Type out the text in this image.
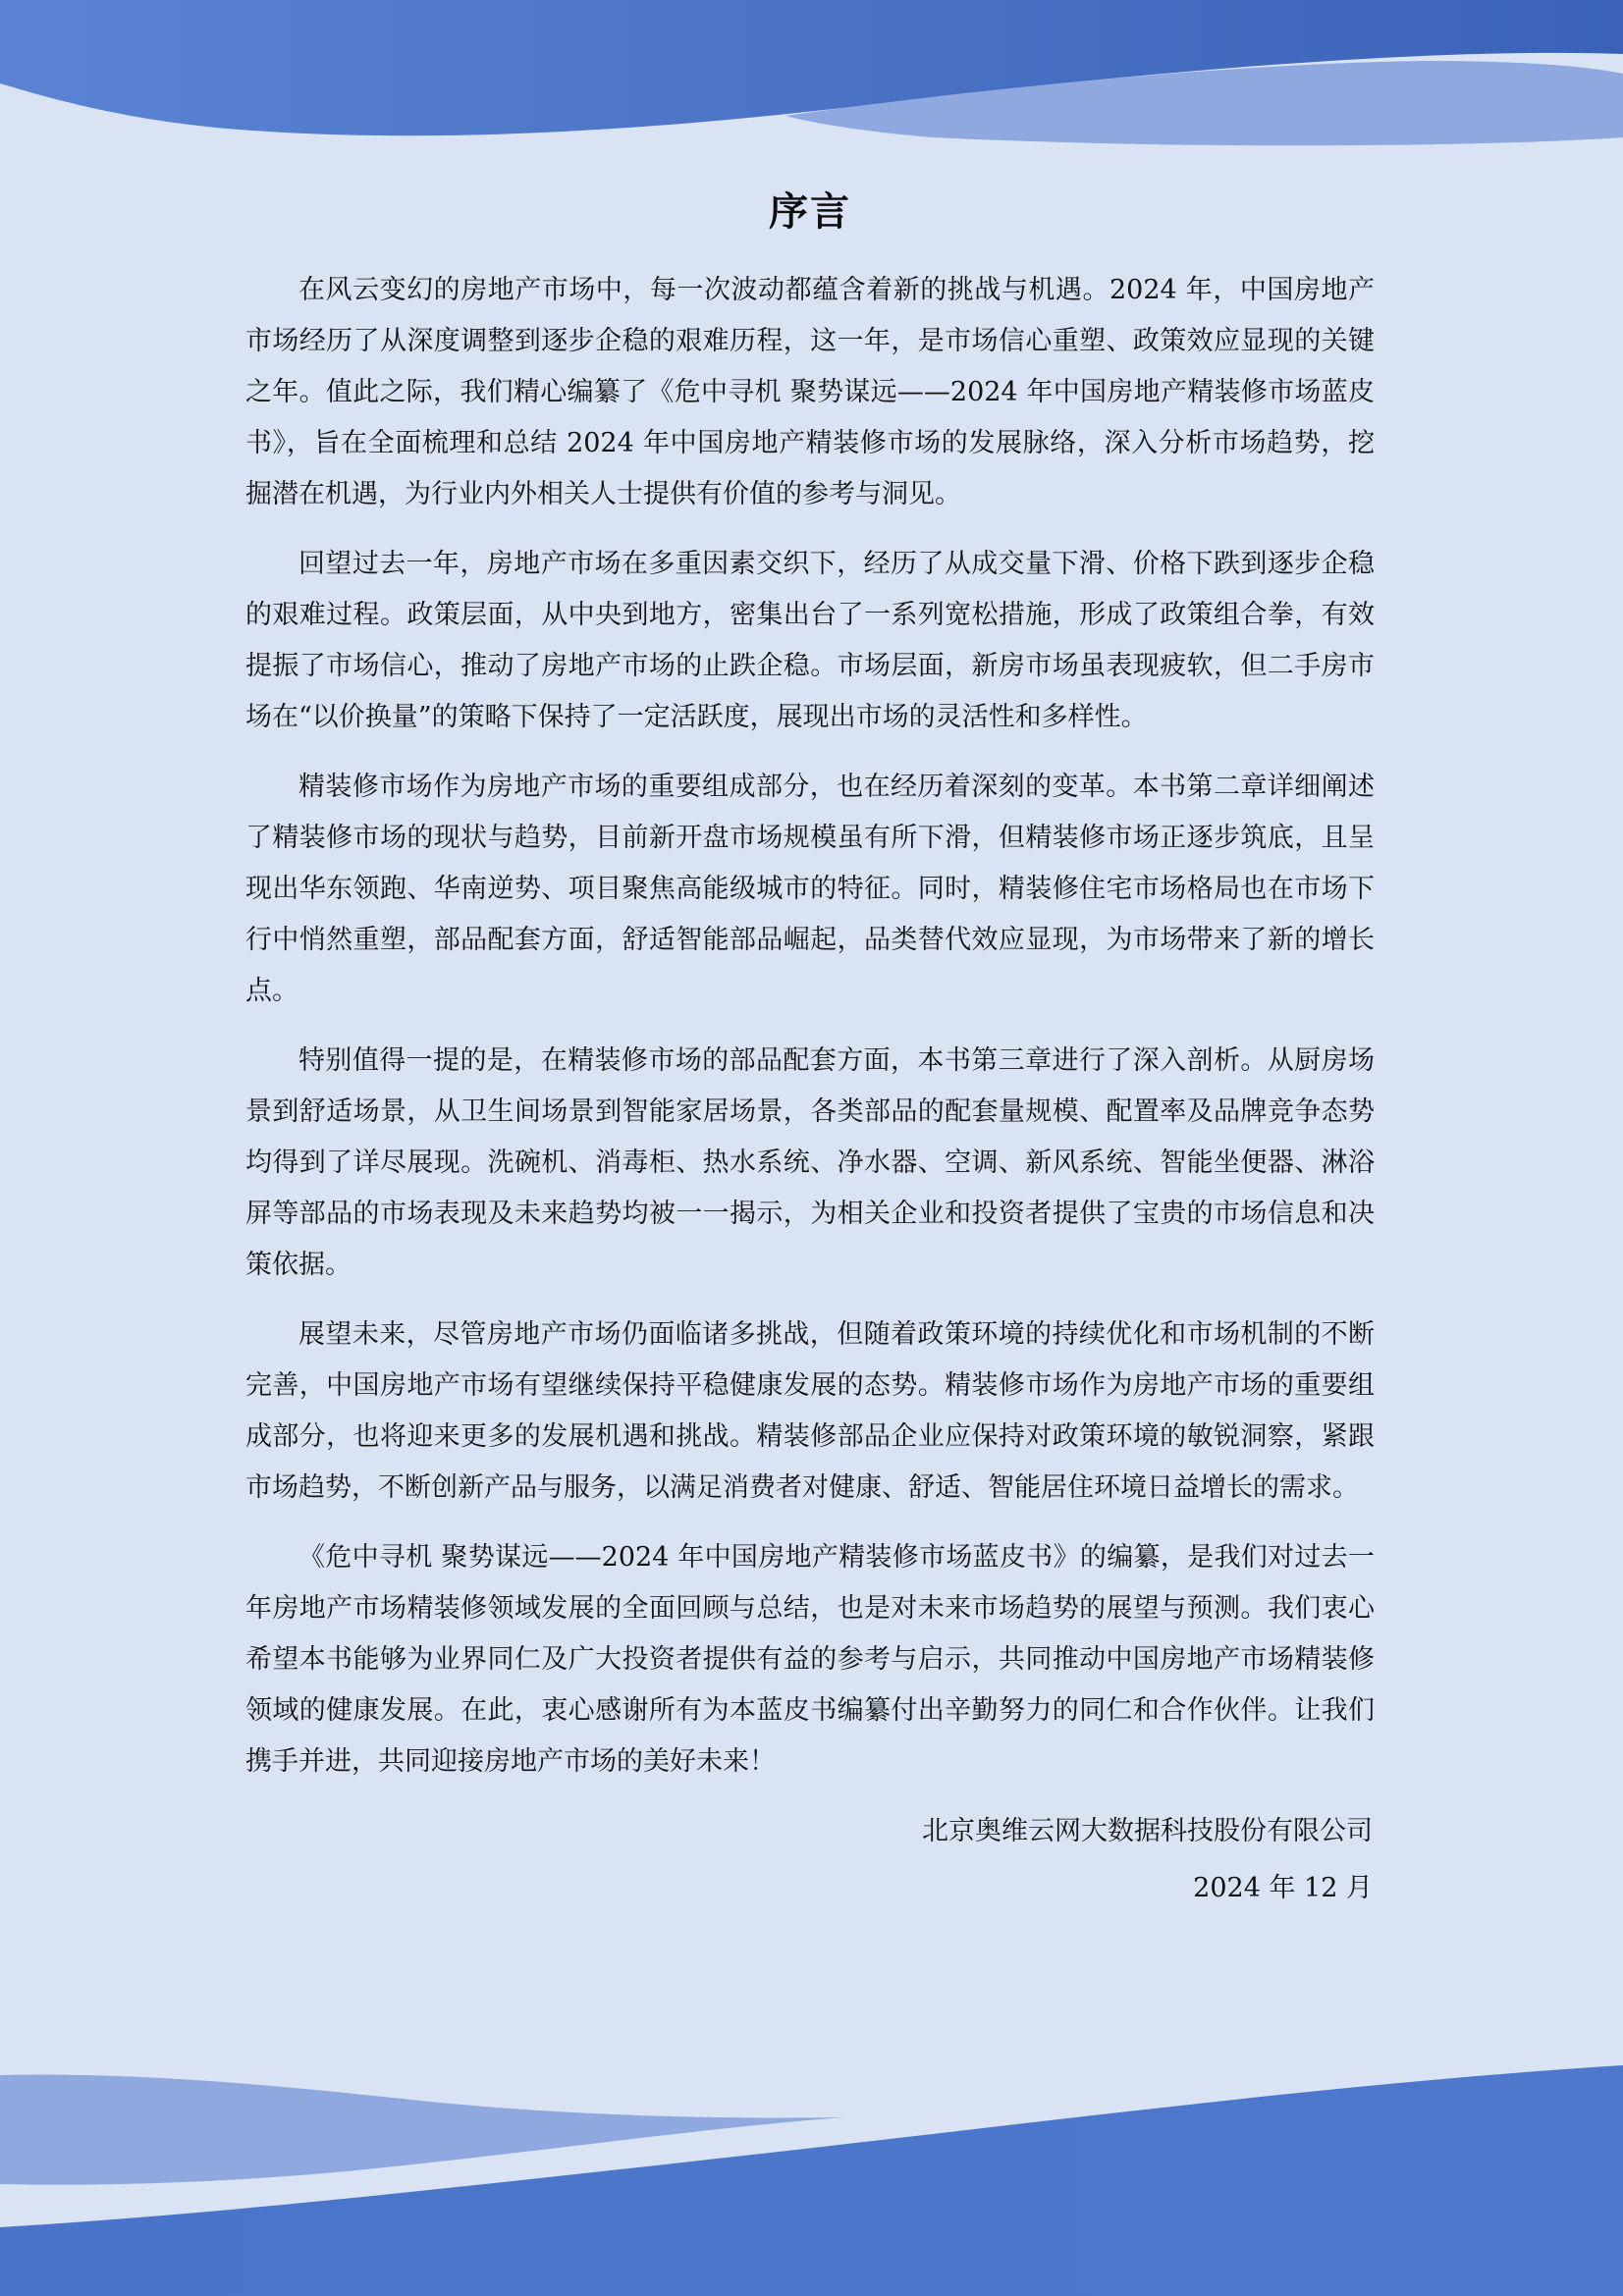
序言

在风云变幻的房地产市场中，每一次波动都蕴含着新的挑战与机遇。2024 年，中国房地产市场经历了从深度调整到逐步企稳的艰难历程，这一年，是市场信心重塑、政策效应显现的关键之年。值此之际，我们精心编纂了《危中寻机 聚势谋远——2024 年中国房地产精装修市场蓝皮书》，旨在全面梳理和总结 2024 年中国房地产精装修市场的发展脉络，深入分析市场趋势，挖掘潜在机遇，为行业内外相关人士提供有价值的参考与洞见。

回望过去一年，房地产市场在多重因素交织下，经历了从成交量下滑、价格下跌到逐步企稳的艰难过程。政策层面，从中央到地方，密集出台了一系列宽松措施，形成了政策组合拳，有效提振了市场信心，推动了房地产市场的止跌企稳。市场层面，新房市场虽表现疲软，但二手房市场在“以价换量”的策略下保持了一定活跃度，展现出市场的灵活性和多样性。

精装修市场作为房地产市场的重要组成部分，也在经历着深刻的变革。本书第二章详细阐述了精装修市场的现状与趋势，目前新开盘市场规模虽有所下滑，但精装修市场正逐步筑底，且呈现出华东领跑、华南逆势、项目聚焦高能级城市的特征。同时，精装修住宅市场格局也在市场下行中悄然重塑，部品配套方面，舒适智能部品崛起，品类替代效应显现，为市场带来了新的增长点。

特别值得一提的是，在精装修市场的部品配套方面，本书第三章进行了深入剖析。从厨房场景到舒适场景，从卫生间场景到智能家居场景，各类部品的配套量规模、配置率及品牌竞争态势均得到了详尽展现。洗碗机、消毒柜、热水系统、净水器、空调、新风系统、智能坐便器、淋浴屏等部品的市场表现及未来趋势均被一一揭示，为相关企业和投资者提供了宝贵的市场信息和决策依据。

展望未来，尽管房地产市场仍面临诸多挑战，但随着政策环境的持续优化和市场机制的不断完善，中国房地产市场有望继续保持平稳健康发展的态势。精装修市场作为房地产市场的重要组成部分，也将迎来更多的发展机遇和挑战。精装修部品企业应保持对政策环境的敏锐洞察，紧跟市场趋势，不断创新产品与服务，以满足消费者对健康、舒适、智能居住环境日益增长的需求。

《危中寻机 聚势谋远——2024 年中国房地产精装修市场蓝皮书》的编纂，是我们对过去一年房地产市场精装修领域发展的全面回顾与总结，也是对未来市场趋势的展望与预测。我们衷心希望本书能够为业界同仁及广大投资者提供有益的参考与启示，共同推动中国房地产市场精装修领域的健康发展。在此，衷心感谢所有为本蓝皮书编纂付出辛勤努力的同仁和合作伙伴。让我们携手并进，共同迎接房地产市场的美好未来！

北京奥维云网大数据科技股份有限公司

2024 年 12 月
